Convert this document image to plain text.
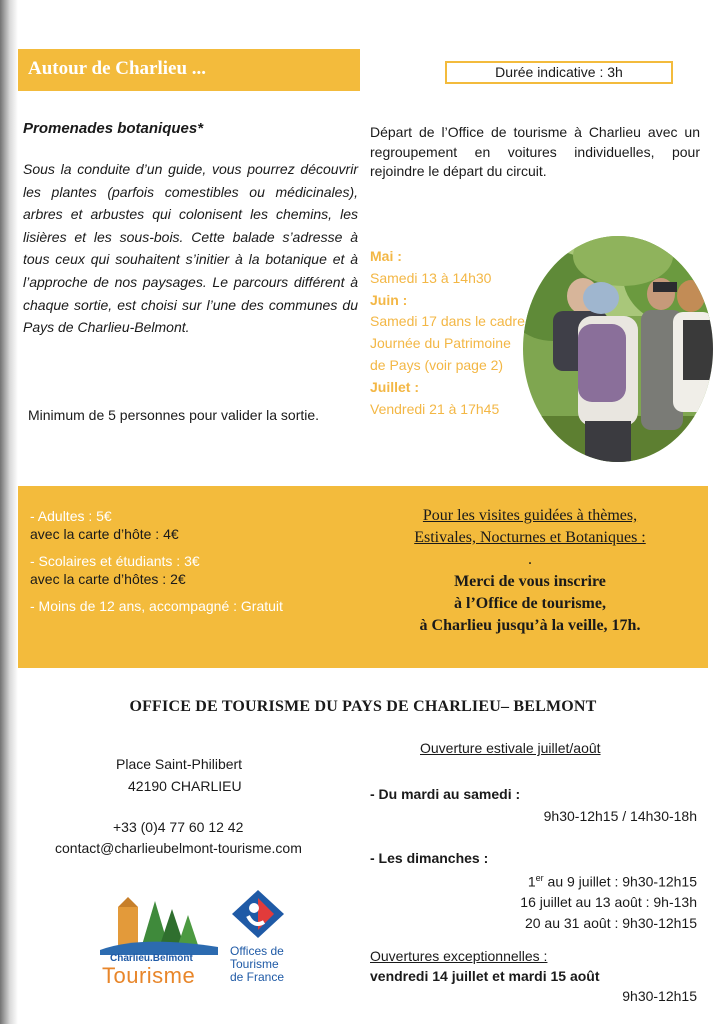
Autour de Charlieu ...	Durée indicative : 3h
Promenades botaniques*
Sous la conduite d’un guide, vous pourrez découvrir les plantes (parfois comestibles ou médicinales), arbres et arbustes qui colonisent les chemins, les lisières et les sous-bois. Cette balade s’adresse à tous ceux qui souhaitent s’initier à la botanique et à l’approche de nos paysages. Le parcours différent à chaque sortie, est choisi sur l’une des communes du Pays de Charlieu-Belmont.
Minimum de 5 personnes pour valider la sortie.
Départ de l’Office de tourisme à Charlieu avec un regroupement en voitures individuelles, pour rejoindre le départ du circuit.
Mai :
Samedi 13 à 14h30
Juin :
Samedi 17 dans le cadre Journée du Patrimoine de Pays (voir page 2)
Juillet :
Vendredi 21 à 17h45
- Adultes : 5€
avec la carte d’hôte : 4€
- Scolaires et étudiants : 3€
avec la carte d’hôtes : 2€
- Moins de 12 ans, accompagné : Gratuit
Pour les visites guidées à thèmes,
Estivales, Nocturnes et Botaniques :
.
Merci de vous inscrire
à l’Office de tourisme,
à Charlieu jusqu’à la veille, 17h.
OFFICE DE TOURISME DU PAYS DE CHARLIEU– BELMONT
Place Saint-Philibert
42190 CHARLIEU
+33 (0)4 77 60 12 42
contact@charlieubelmont-tourisme.com
Ouverture estivale juillet/août
- Du mardi au samedi :
9h30-12h15 / 14h30-18h
- Les dimanches :
1er au 9 juillet : 9h30-12h15
16 juillet au 13 août : 9h-13h
20 au 31 août : 9h30-12h15
Ouvertures exceptionnelles :
vendredi 14 juillet et mardi 15 août
9h30-12h15
Charlieu.Belmont
Tourisme
Offices de
Tourisme
de France
